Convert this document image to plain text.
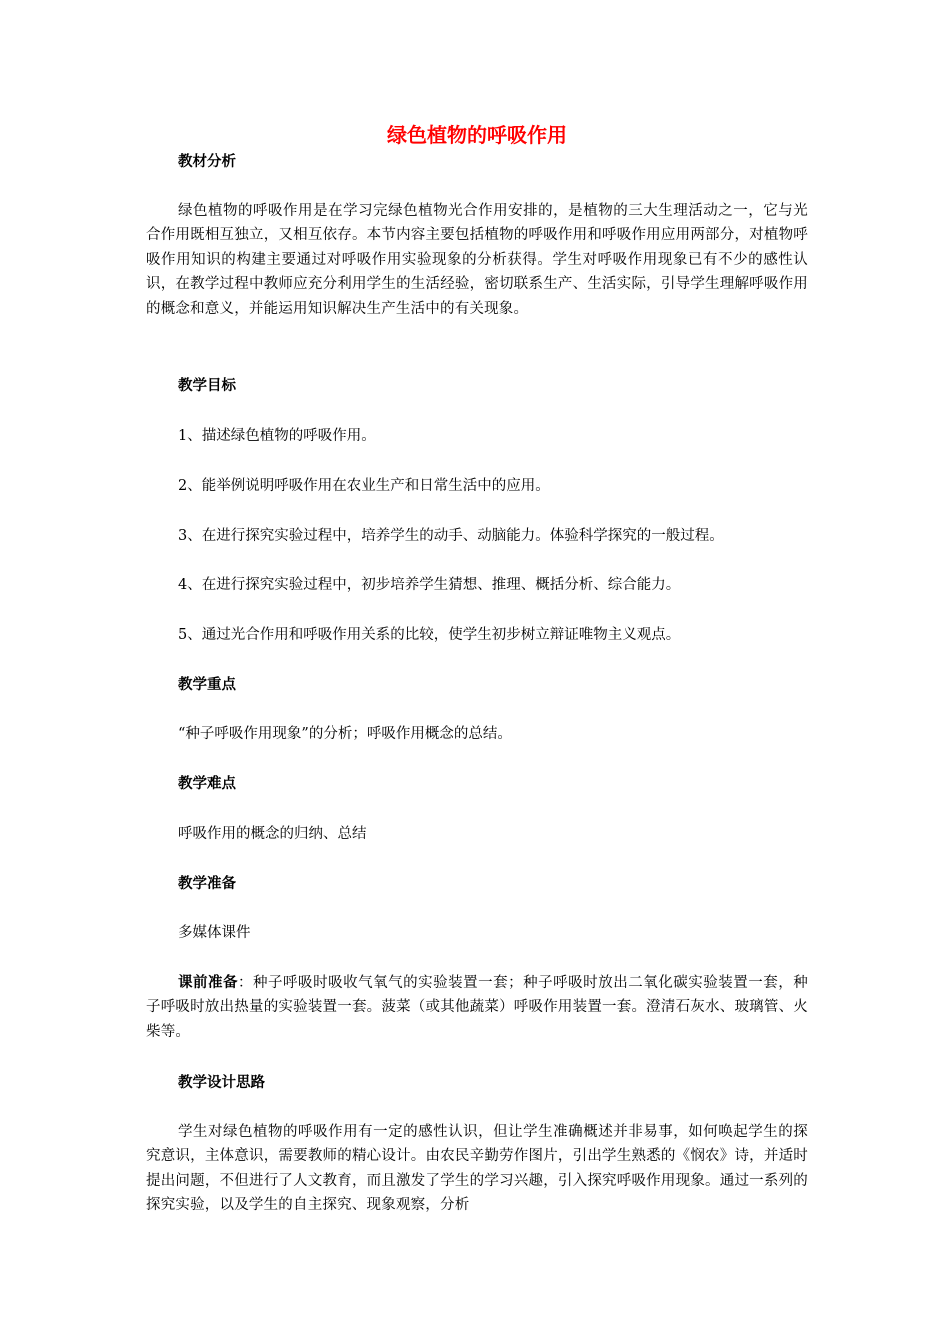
绿色植物的呼吸作用

教材分析

绿色植物的呼吸作用是在学习完绿色植物光合作用安排的，是植物的三大生理活动之一，它与光合作用既相互独立，又相互依存。本节内容主要包括植物的呼吸作用和呼吸作用应用两部分，对植物呼吸作用知识的构建主要通过对呼吸作用实验现象的分析获得。学生对呼吸作用现象已有不少的感性认识，在教学过程中教师应充分利用学生的生活经验，密切联系生产、生活实际，引导学生理解呼吸作用的概念和意义，并能运用知识解决生产生活中的有关现象。

教学目标

1、描述绿色植物的呼吸作用。

2、能举例说明呼吸作用在农业生产和日常生活中的应用。

3、在进行探究实验过程中，培养学生的动手、动脑能力。体验科学探究的一般过程。

4、在进行探究实验过程中，初步培养学生猜想、推理、概括分析、综合能力。

5、通过光合作用和呼吸作用关系的比较，使学生初步树立辩证唯物主义观点。

教学重点

“种子呼吸作用现象”的分析；呼吸作用概念的总结。

教学难点

呼吸作用的概念的归纳、总结

教学准备

多媒体课件

课前准备：种子呼吸时吸收气氧气的实验装置一套；种子呼吸时放出二氧化碳实验装置一套，种子呼吸时放出热量的实验装置一套。菠菜（或其他蔬菜）呼吸作用装置一套。澄清石灰水、玻璃管、火柴等。

教学设计思路

学生对绿色植物的呼吸作用有一定的感性认识，但让学生准确概述并非易事，如何唤起学生的探究意识，主体意识，需要教师的精心设计。由农民辛勤劳作图片，引出学生熟悉的《悯农》诗，并适时提出问题，不但进行了人文教育，而且激发了学生的学习兴趣，引入探究呼吸作用现象。通过一系列的探究实验，以及学生的自主探究、现象观察，分析
